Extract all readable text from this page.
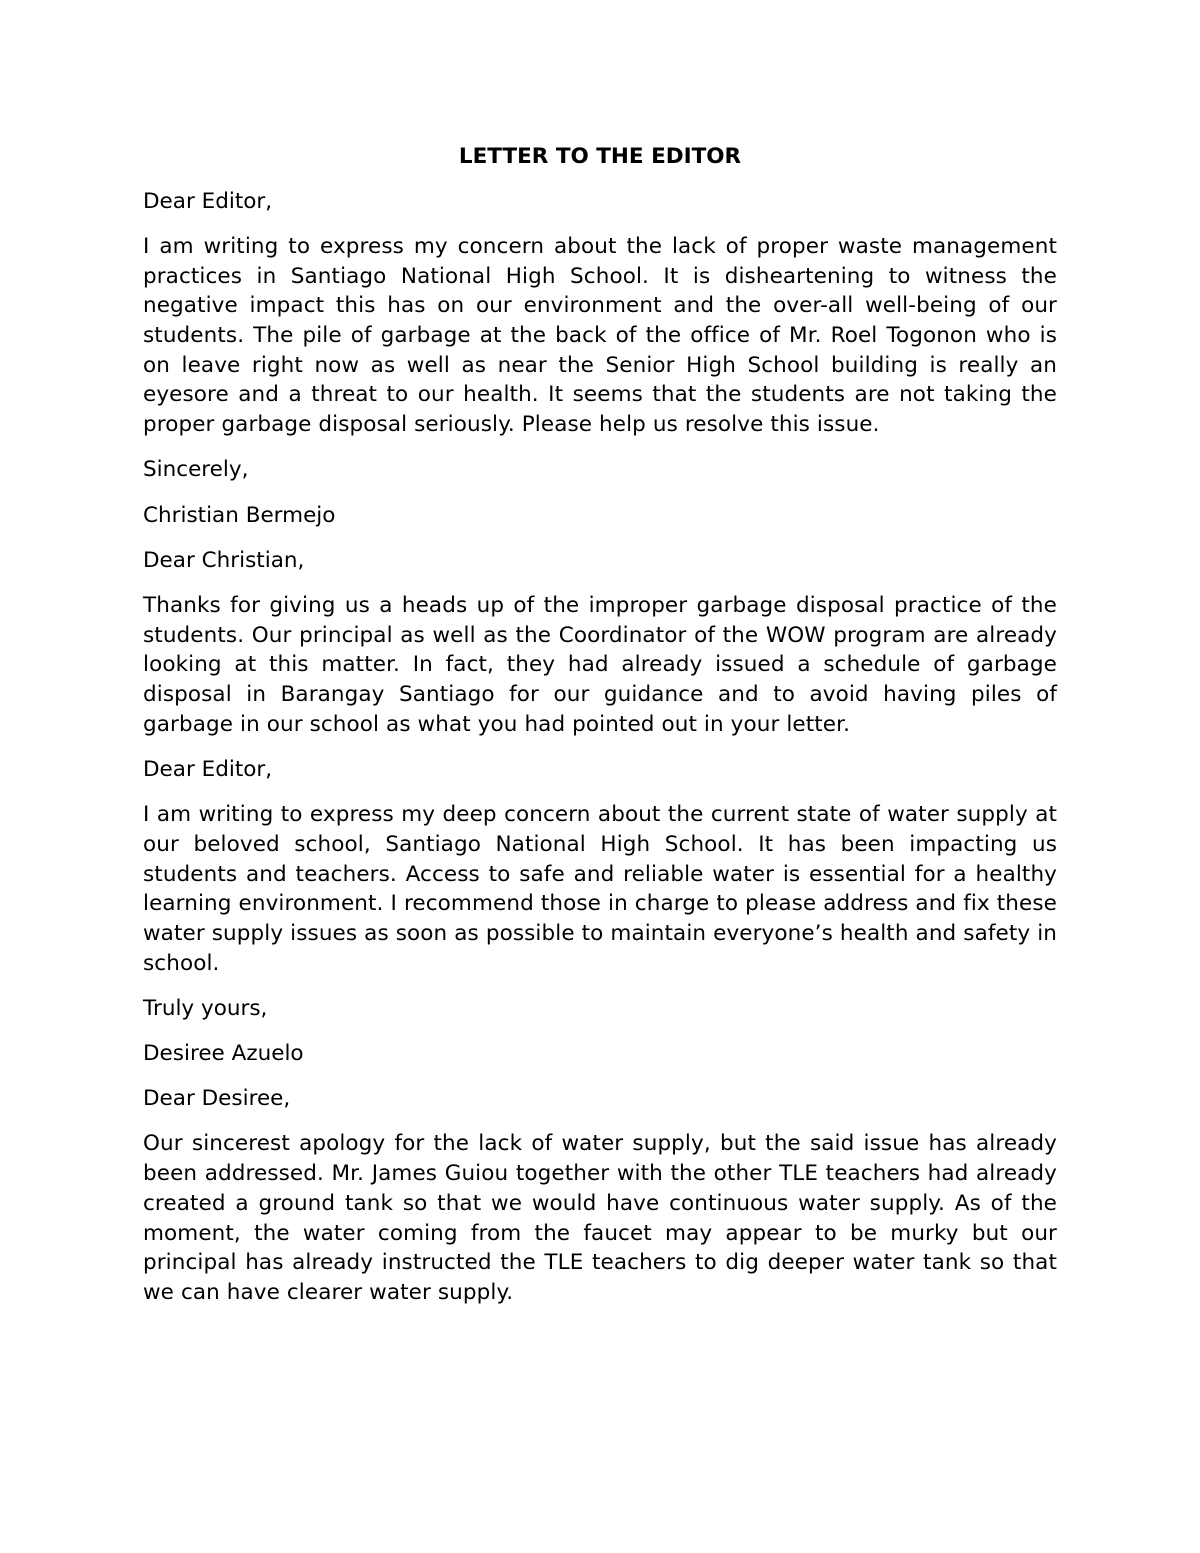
LETTER TO THE EDITOR
Dear Editor,
I am writing to express my concern about the lack of proper waste management practices in Santiago National High School. It is disheartening to witness the negative impact this has on our environment and the over-all well-being of our students. The pile of garbage at the back of the office of Mr. Roel Togonon who is on leave right now as well as near the Senior High School building is really an eyesore and a threat to our health. It seems that the students are not taking the proper garbage disposal seriously. Please help us resolve this issue.
Sincerely,
Christian Bermejo
Dear Christian,
Thanks for giving us a heads up of the improper garbage disposal practice of the students. Our principal as well as the Coordinator of the WOW program are already looking at this matter. In fact, they had already issued a schedule of garbage disposal in Barangay Santiago for our guidance and to avoid having piles of garbage in our school as what you had pointed out in your letter.
Dear Editor,
I am writing to express my deep concern about the current state of water supply at our beloved school, Santiago National High School. It has been impacting us students and teachers. Access to safe and reliable water is essential for a healthy learning environment. I recommend those in charge to please address and fix these water supply issues as soon as possible to maintain everyone’s health and safety in school.
Truly yours,
Desiree Azuelo
Dear Desiree,
Our sincerest apology for the lack of water supply, but the said issue has already been addressed. Mr. James Guiou together with the other TLE teachers had already created a ground tank so that we would have continuous water supply. As of the moment, the water coming from the faucet may appear to be murky but our principal has already instructed the TLE teachers to dig deeper water tank so that we can have clearer water supply.
